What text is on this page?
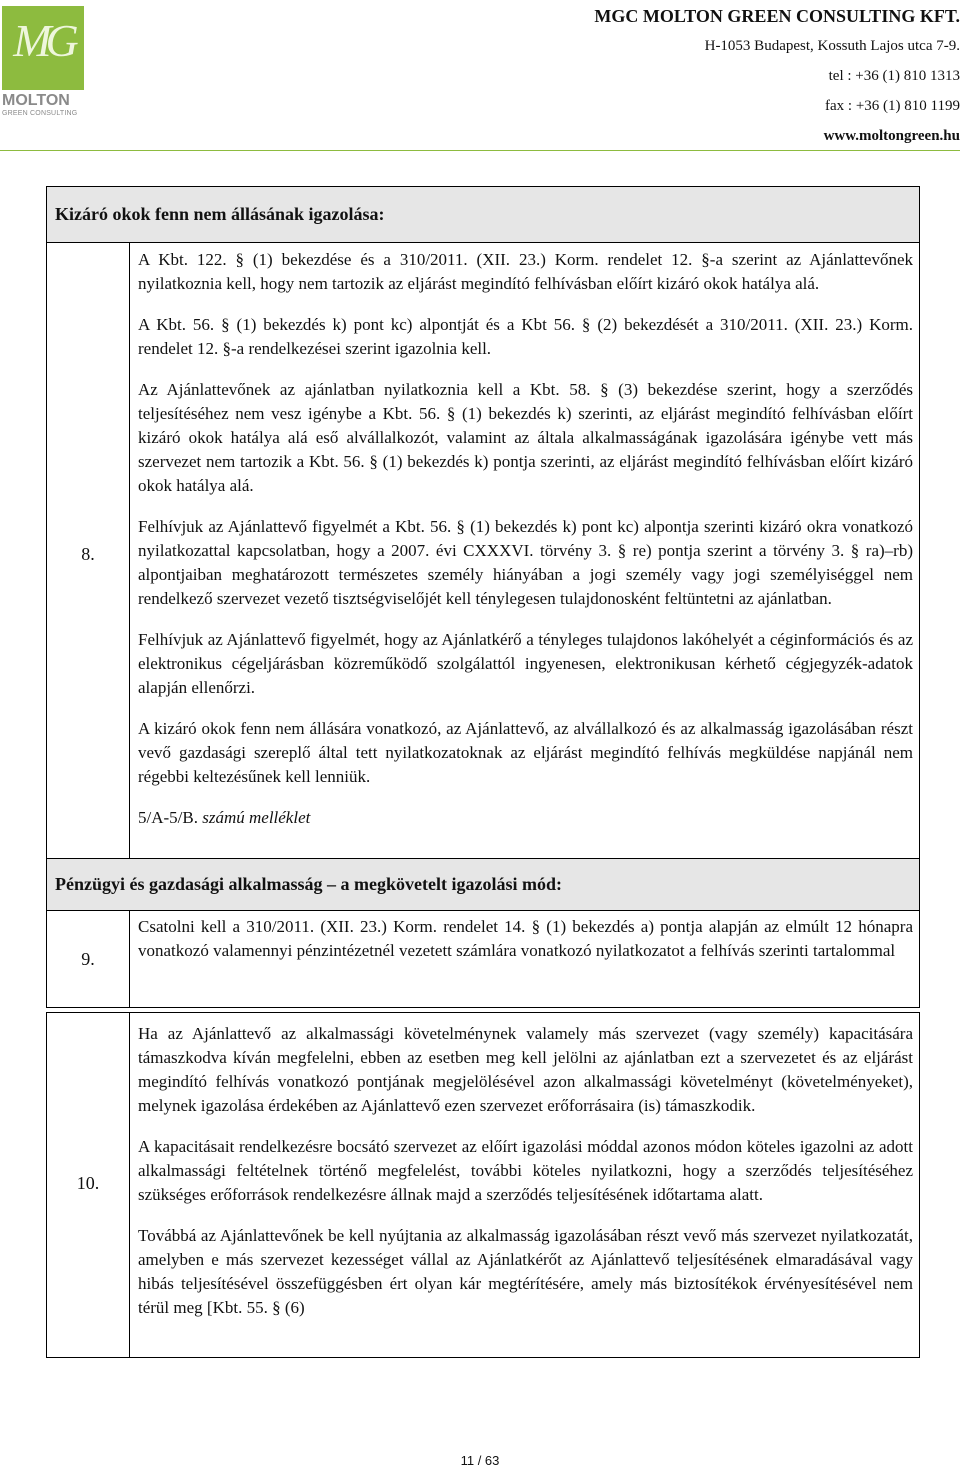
MG
MOLTON
GREEN CONSULTING
MGC MOLTON GREEN CONSULTING KFT.
H-1053 Budapest, Kossuth Lajos utca 7-9.
tel : +36 (1) 810 1313
fax : +36 (1) 810 1199
www.moltongreen.hu
Kizáró okok fenn nem állásának igazolása:
8.

A Kbt. 122. § (1) bekezdése és a 310/2011. (XII. 23.) Korm. rendelet 12. §-a szerint az Ajánlattevőnek nyilatkoznia kell, hogy nem tartozik az eljárást megindító felhívásban előírt kizáró okok hatálya alá.

A Kbt. 56. § (1) bekezdés k) pont kc) alpontját és a Kbt 56. § (2) bekezdését a 310/2011. (XII. 23.) Korm. rendelet 12. §-a rendelkezései szerint igazolnia kell.

Az Ajánlattevőnek az ajánlatban nyilatkoznia kell a Kbt. 58. § (3) bekezdése szerint, hogy a szerződés teljesítéséhez nem vesz igénybe a Kbt. 56. § (1) bekezdés k) szerinti, az eljárást megindító felhívásban előírt kizáró okok hatálya alá eső alvállalkozót, valamint az általa alkalmasságának igazolására igénybe vett más szervezet nem tartozik a Kbt. 56. § (1) bekezdés k) pontja szerinti, az eljárást megindító felhívásban előírt kizáró okok hatálya alá.

Felhívjuk az Ajánlattevő figyelmét a Kbt. 56. § (1) bekezdés k) pont kc) alpontja szerinti kizáró okra vonatkozó nyilatkozattal kapcsolatban, hogy a 2007. évi CXXXVI. törvény 3. § re) pontja szerint a törvény 3. § ra)–rb) alpontjaiban meghatározott természetes személy hiányában a jogi személy vagy jogi személyiséggel nem rendelkező szervezet vezető tisztségviselőjét kell ténylegesen tulajdonosként feltüntetni az ajánlatban.

Felhívjuk az Ajánlattevő figyelmét, hogy az Ajánlatkérő a tényleges tulajdonos lakóhelyét a céginformációs és az elektronikus cégeljárásban közreműködő szolgálattól ingyenesen, elektronikusan kérhető cégjegyzék-adatok alapján ellenőrzi.

A kizáró okok fenn nem állására vonatkozó, az Ajánlattevő, az alvállalkozó és az alkalmasság igazolásában részt vevő gazdasági szereplő által tett nyilatkozatoknak az eljárást megindító felhívás megküldése napjánál nem régebbi keltezésűnek kell lenniük.

5/A-5/B. számú melléklet

Pénzügyi és gazdasági alkalmasság – a megkövetelt igazolási mód:
9.

Csatolni kell a 310/2011. (XII. 23.) Korm. rendelet 14. § (1) bekezdés a) pontja alapján az elmúlt 12 hónapra vonatkozó valamennyi pénzintézetnél vezetett számlára vonatkozó nyilatkozatot a felhívás szerinti tartalommal

10.

Ha az Ajánlattevő az alkalmassági követelménynek valamely más szervezet (vagy személy) kapacitására támaszkodva kíván megfelelni, ebben az esetben meg kell jelölni az ajánlatban ezt a szervezetet és az eljárást megindító felhívás vonatkozó pontjának megjelölésével azon alkalmassági követelményt (követelményeket), melynek igazolása érdekében az Ajánlattevő ezen szervezet erőforrásaira (is) támaszkodik.

A kapacitásait rendelkezésre bocsátó szervezet az előírt igazolási móddal azonos módon köteles igazolni az adott alkalmassági feltételnek történő megfelelést, további köteles nyilatkozni, hogy a szerződés teljesítéséhez szükséges erőforrások rendelkezésre állnak majd a szerződés teljesítésének időtartama alatt.

Továbbá az Ajánlattevőnek be kell nyújtania az alkalmasság igazolásában részt vevő más szervezet nyilatkozatát, amelyben e más szervezet kezességet vállal az Ajánlatkérőt az Ajánlattevő teljesítésének elmaradásával vagy hibás teljesítésével összefüggésben ért olyan kár megtérítésére, amely más biztosítékok érvényesítésével nem térül meg [Kbt. 55. § (6)

11 / 63
